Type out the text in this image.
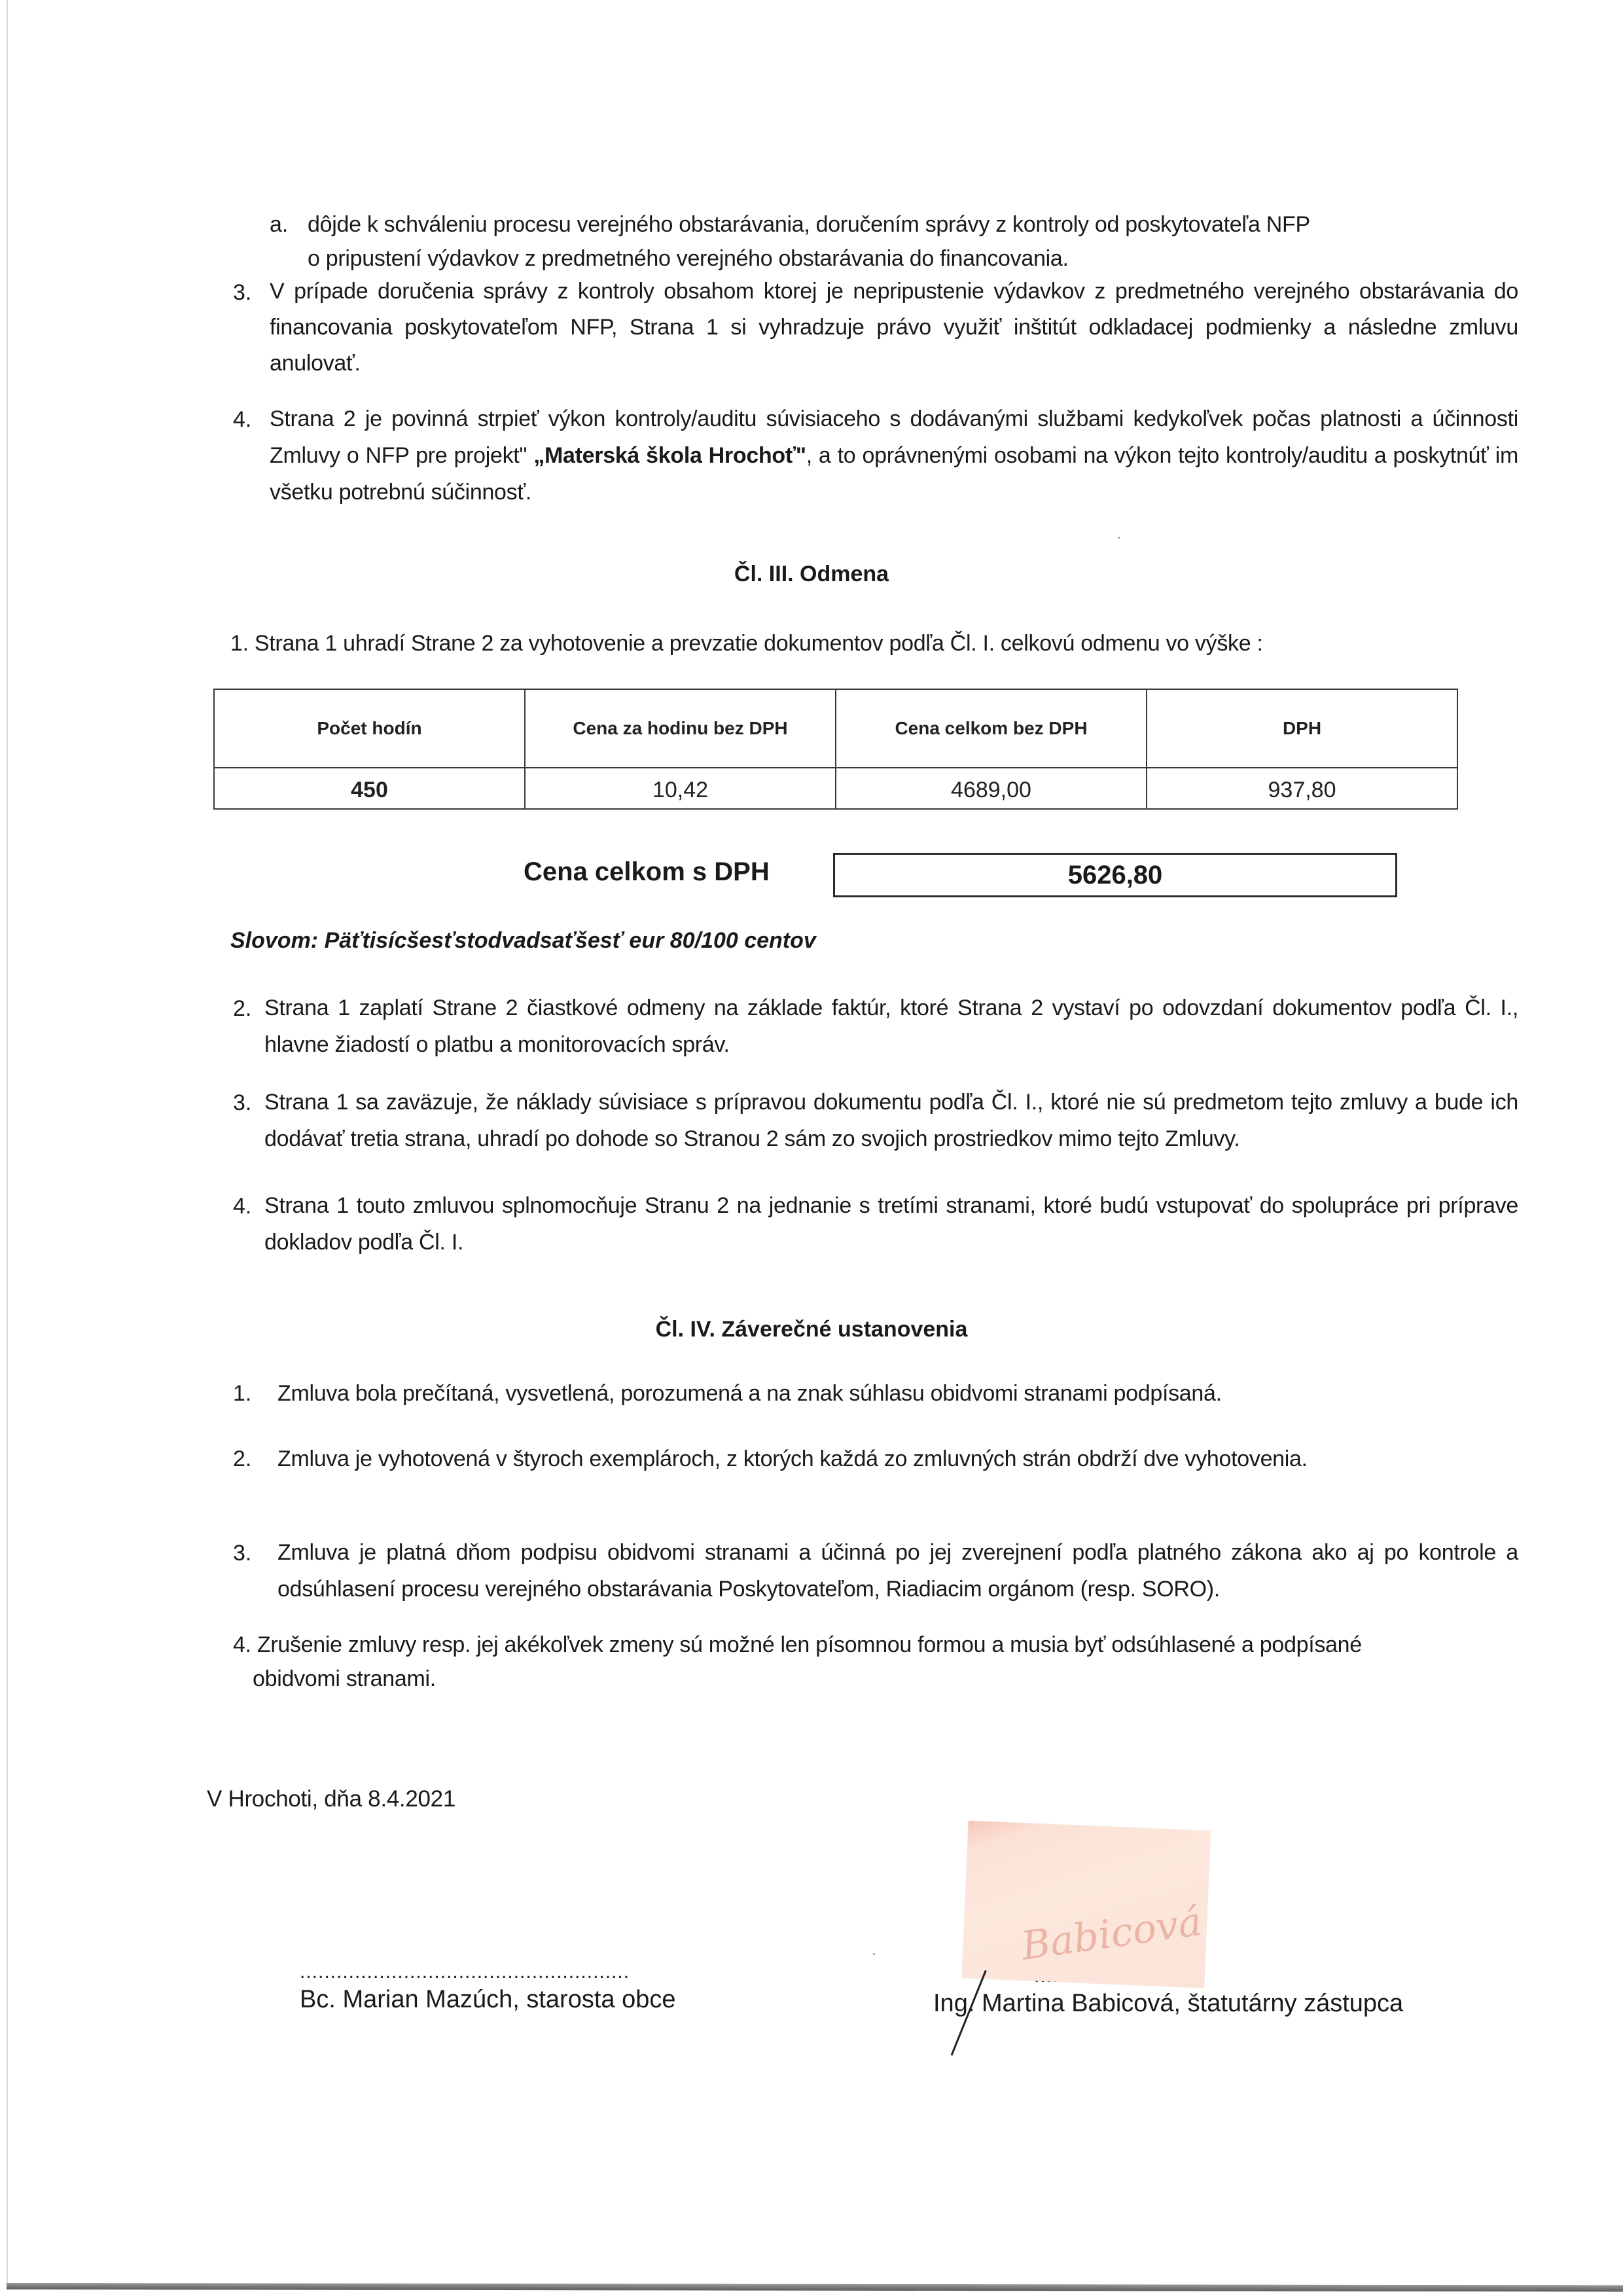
a. dôjde k schváleniu procesu verejného obstarávania, doručením správy z kontroly od poskytovateľa NFP
o pripustení výdavkov z predmetného verejného obstarávania do financovania.
3. V prípade doručenia správy z kontroly obsahom ktorej je nepripustenie výdavkov z predmetného verejného obstarávania do financovania poskytovateľom NFP, Strana 1 si vyhradzuje právo využiť inštitút odkladacej podmienky a následne zmluvu anulovať.
4. Strana 2 je povinná strpieť výkon kontroly/auditu súvisiaceho s dodávanými službami kedykoľvek počas platnosti a účinnosti Zmluvy o NFP pre projekt" „Materská škola Hrochoť", a to oprávnenými osobami na výkon tejto kontroly/auditu a poskytnúť im všetku potrebnú súčinnosť.
Čl. III. Odmena
1. Strana 1 uhradí Strane 2 za vyhotovenie a prevzatie dokumentov podľa Čl. I. celkovú odmenu vo výške :
Počet hodín	Cena za hodinu bez DPH	Cena celkom bez DPH	DPH
450	10,42	4689,00	937,80
Cena celkom s DPH	5626,80
Slovom: Päťtisícšesťstodvadsaťšesť eur 80/100 centov
2. Strana 1 zaplatí Strane 2 čiastkové odmeny na základe faktúr, ktoré Strana 2 vystaví po odovzdaní dokumentov podľa Čl. I., hlavne žiadostí o platbu a monitorovacích správ.
3. Strana 1 sa zaväzuje, že náklady súvisiace s prípravou dokumentu podľa Čl. I., ktoré nie sú predmetom tejto zmluvy a bude ich dodávať tretia strana, uhradí po dohode so Stranou 2 sám zo svojich prostriedkov mimo tejto Zmluvy.
4. Strana 1 touto zmluvou splnomocňuje Stranu 2 na jednanie s tretími stranami, ktoré budú vstupovať do spolupráce pri príprave dokladov podľa Čl. I.
Čl. IV. Záverečné ustanovenia
1. Zmluva bola prečítaná, vysvetlená, porozumená a na znak súhlasu obidvomi stranami podpísaná.
2. Zmluva je vyhotovená v štyroch exemplároch, z ktorých každá zo zmluvných strán obdrží dve vyhotovenia.
3. Zmluva je platná dňom podpisu obidvomi stranami a účinná po jej zverejnení podľa platného zákona ako aj po kontrole a odsúhlasení procesu verejného obstarávania Poskytovateľom, Riadiacim orgánom (resp. SORO).
4. Zrušenie zmluvy resp. jej akékoľvek zmeny sú možné len písomnou formou a musia byť odsúhlasené a podpísané
obidvomi stranami.
V Hrochoti, dňa 8.4.2021
......................................................
Bc. Marian Mazúch, starosta obce
Babicová
Ing. Martina Babicová, štatutárny zástupca
